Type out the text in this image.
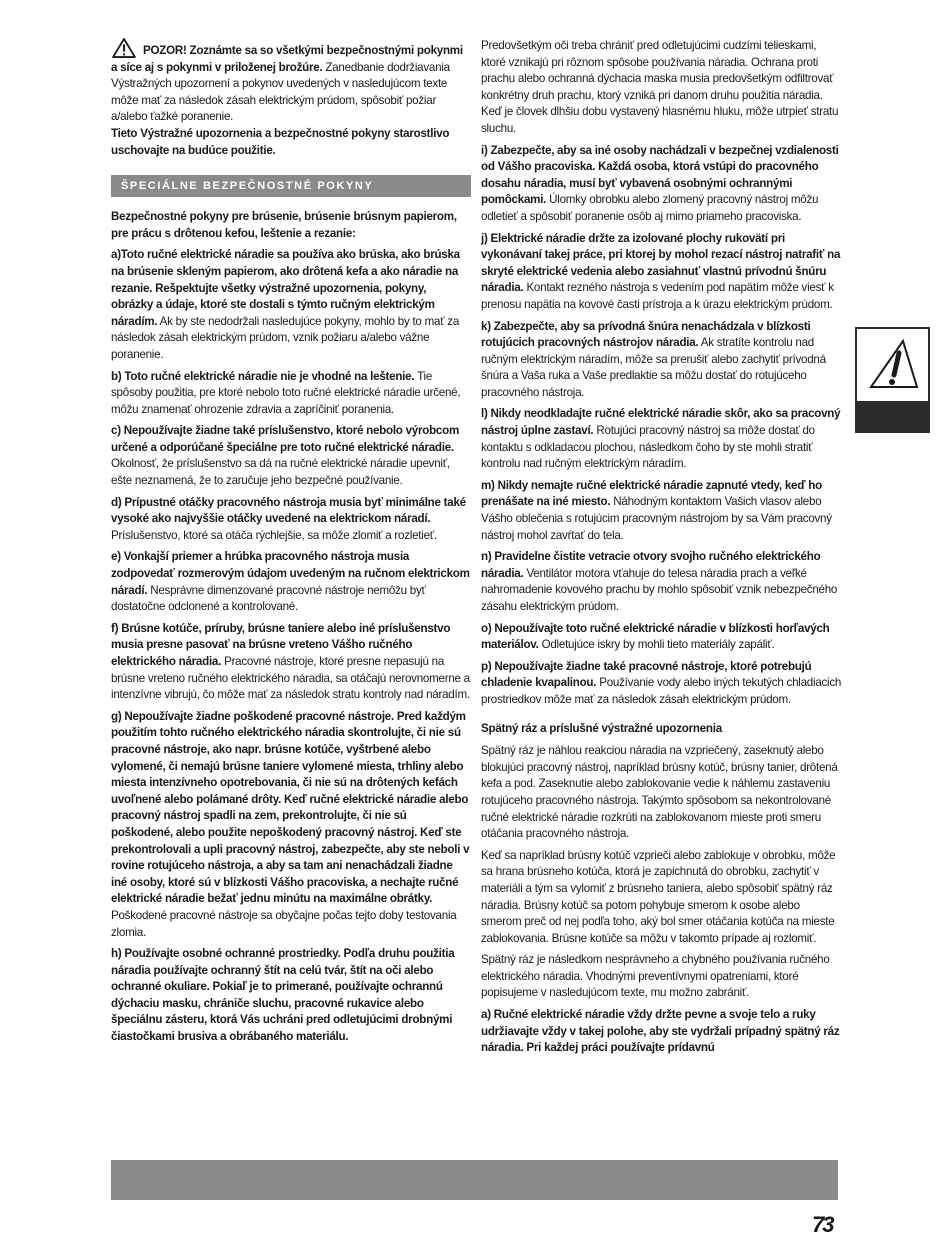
POZOR! Zoznámte sa so všetkými bezpečnostnými pokynmi a síce aj s pokynmi v priloženej brožúre. Zanedbanie dodržiavania Výstražných upozornení a pokynov uvedených v nasledujúcom texte môže mať za následok zásah elektrickým prúdom, spôsobiť požiar a/alebo ťažké poranenie.
Tieto Výstražné upozornenia a bezpečnostné pokyny starostlivo uschovajte na budúce použitie.
ŠPECIÁLNE BEZPEČNOSTNÉ POKYNY

Bezpečnostné pokyny pre brúsenie, brúsenie brúsnym papierom, pre prácu s drôtenou kefou, leštenie a rezanie:

a)Toto ručné elektrické náradie sa používa ako brúska, ako brúska na brúsenie skleným papierom, ako drôtená kefa a ako náradie na rezanie. Rešpektujte všetky výstražné upozornenia, pokyny, obrázky a údaje, ktoré ste dostali s týmto ručným elektrickým náradím. Ak by ste nedodržali nasledujúce pokyny, mohlo by to mať za následok zásah elektrickým prúdom, vznik požiaru a/alebo vážne poranenie.

b) Toto ručné elektrické náradie nie je vhodné na leštenie. Tie spôsoby použitia, pre ktoré nebolo toto ručné elektrické náradie určené, môžu znamenať ohrozenie zdravia a zapríčiniť poranenia.

c) Nepoužívajte žiadne také príslušenstvo, ktoré nebolo výrobcom určené a odporúčané špeciálne pre toto ručné elektrické náradie. Okolnosť, že príslušenstvo sa dá na ručné elektrické náradie upevniť, ešte neznamená, že to zaručuje jeho bezpečné používanie.

d) Prípustné otáčky pracovného nástroja musia byť minimálne také vysoké ako najvyššie otáčky uvedené na elektrickom náradí. Príslušenstvo, ktoré sa otáča rýchlejšie, sa môže zlomiť a rozletieť.

e) Vonkajší priemer a hrúbka pracovného nástroja musia zodpovedať rozmerovým údajom uvedeným na ručnom elektrickom náradí. Nesprávne dimenzované pracovné nástroje nemôžu byť dostatočne odclonené a kontrolované.

f) Brúsne kotúče, príruby, brúsne taniere alebo iné príslušenstvo musia presne pasovať na brúsne vreteno Vášho ručného elektrického náradia. Pracovné nástroje, ktoré presne nepasujú na brúsne vreteno ručného elektrického náradia, sa otáčajú nerovnomerne a intenzívne vibrujú, čo môže mať za následok stratu kontroly nad náradím.

g) Nepoužívajte žiadne poškodené pracovné nástroje. Pred každým použitím tohto ručného elektrického náradia skontrolujte, či nie sú pracovné nástroje, ako napr. brúsne kotúče, vyštrbené alebo vylomené, či nemajú brúsne taniere vylomené miesta, trhliny alebo miesta intenzívneho opotrebovania, či nie sú na drôtených kefách uvoľnené alebo polámané drôty. Keď ručné elektrické náradie alebo pracovný nástroj spadli na zem, prekontrolujte, či nie sú poškodené, alebo použite nepoškodený pracovný nástroj. Keď ste prekontrolovali a upli pracovný nástroj, zabezpečte, aby ste neboli v rovine rotujúceho nástroja, a aby sa tam ani nenachádzali žiadne iné osoby, ktoré sú v blízkosti Vášho pracoviska, a nechajte ručné elektrické náradie bežať jednu minútu na maximálne obrátky. Poškodené pracovné nástroje sa obyčajne počas tejto doby testovania zlomia.

h) Používajte osobné ochranné prostriedky. Podľa druhu použitia náradia používajte ochranný štít na celú tvár, štít na oči alebo ochranné okuliare. Pokiaľ je to primerané, používajte ochrannú dýchaciu masku, chrániče sluchu, pracovné rukavice alebo špeciálnu zásteru, ktorá Vás uchráni pred odletujúcimi drobnými čiastočkami brusiva a obrábaného materiálu.

Predovšetkým oči treba chrániť pred odletujúcimi cudzími telieskami, ktoré vznikajú pri rôznom spôsobe používania náradia. Ochrana proti prachu alebo ochranná dýchacia maska musia predovšetkým odfiltrovať konkrétny druh prachu, ktorý vzniká pri danom druhu použitia náradia. Keď je človek dlhšiu dobu vystavený hlasnému hluku, môže utrpieť stratu sluchu.

i) Zabezpečte, aby sa iné osoby nachádzali v bezpečnej vzdialenosti od Vášho pracoviska. Každá osoba, ktorá vstúpi do pracovného dosahu náradia, musí byť vybavená osobnými ochrannými pomôckami. Úlomky obrobku alebo zlomený pracovný nástroj môžu odletieť a spôsobiť poranenie osôb aj mimo priameho pracoviska.

j) Elektrické náradie držte za izolované plochy rukovätí pri vykonávaní takej práce, pri ktorej by mohol rezací nástroj natrafiť na skryté elektrické vedenia alebo zasiahnuť vlastnú prívodnú šnúru náradia. Kontakt rezného nástroja s vedením pod napätím môže viesť k prenosu napätia na kovové časti prístroja a k úrazu elektrickým prúdom.

k) Zabezpečte, aby sa prívodná šnúra nenachádzala v blízkosti rotujúcich pracovných nástrojov náradia. Ak stratíte kontrolu nad ručným elektrickým náradím, môže sa prerušiť alebo zachytiť prívodná šnúra a Vaša ruka a Vaše predlaktie sa môžu dostať do rotujúceho pracovného nástroja.

l) Nikdy neodkladajte ručné elektrické náradie skôr, ako sa pracovný nástroj úplne zastaví. Rotujúci pracovný nástroj sa môže dostať do kontaktu s odkladacou plochou, následkom čoho by ste mohli stratiť kontrolu nad ručným elektrickým náradím.

m) Nikdy nemajte ručné elektrické náradie zapnuté vtedy, keď ho prenášate na iné miesto. Náhodným kontaktom Vašich vlasov alebo Vášho oblečenia s rotujúcim pracovným nástrojom by sa Vám pracovný nástroj mohol zavŕtať do tela.

n) Pravidelne čistite vetracie otvory svojho ručného elektrického náradia. Ventilátor motora vťahuje do telesa náradia prach a veľké nahromadenie kovového prachu by mohlo spôsobiť vznik nebezpečného zásahu elektrickým prúdom.

o) Nepoužívajte toto ručné elektrické náradie v blízkosti horľavých materiálov. Odletujúce iskry by mohli tieto materiály zapáliť.

p) Nepoužívajte žiadne také pracovné nástroje, ktoré potrebujú chladenie kvapalinou. Používanie vody alebo iných tekutých chladiacich prostriedkov môže mať za následok zásah elektrickým prúdom.

Spätný ráz a príslušné výstražné upozornenia

Spätný ráz je náhlou reakciou náradia na vzpriečený, zaseknutý alebo blokujúci pracovný nástroj, napríklad brúsny kotúč, brúsny tanier, drôtená kefa a pod. Zaseknutie alebo zablokovanie vedie k náhlemu zastaveniu rotujúceho pracovného nástroja. Takýmto spôsobom sa nekontrolované ručné elektrické náradie rozkrúti na zablokovanom mieste proti smeru otáčania pracovného nástroja.

Keď sa napríklad brúsny kotúč vzprieči alebo zablokuje v obrobku, môže sa hrana brúsneho kotúča, ktorá je zapichnutá do obrobku, zachytiť v materiáli a tým sa vylomiť z brúsneho taniera, alebo spôsobiť spätný ráz náradia. Brúsny kotúč sa potom pohybuje smerom k osobe alebo smerom preč od nej podľa toho, aký bol smer otáčania kotúča na mieste zablokovania. Brúsne kotúče sa môžu v takomto prípade aj rozlomiť.

Spätný ráz je následkom nesprávneho a chybného používania ručného elektrického náradia. Vhodnými preventívnymi opatreniami, ktoré popisujeme v nasledujúcom texte, mu možno zabrániť.

a) Ručné elektrické náradie vždy držte pevne a svoje telo a ruky udržiavajte vždy v takej polohe, aby ste vydržali prípadný spätný ráz náradia. Pri každej práci používajte prídavnú

73
